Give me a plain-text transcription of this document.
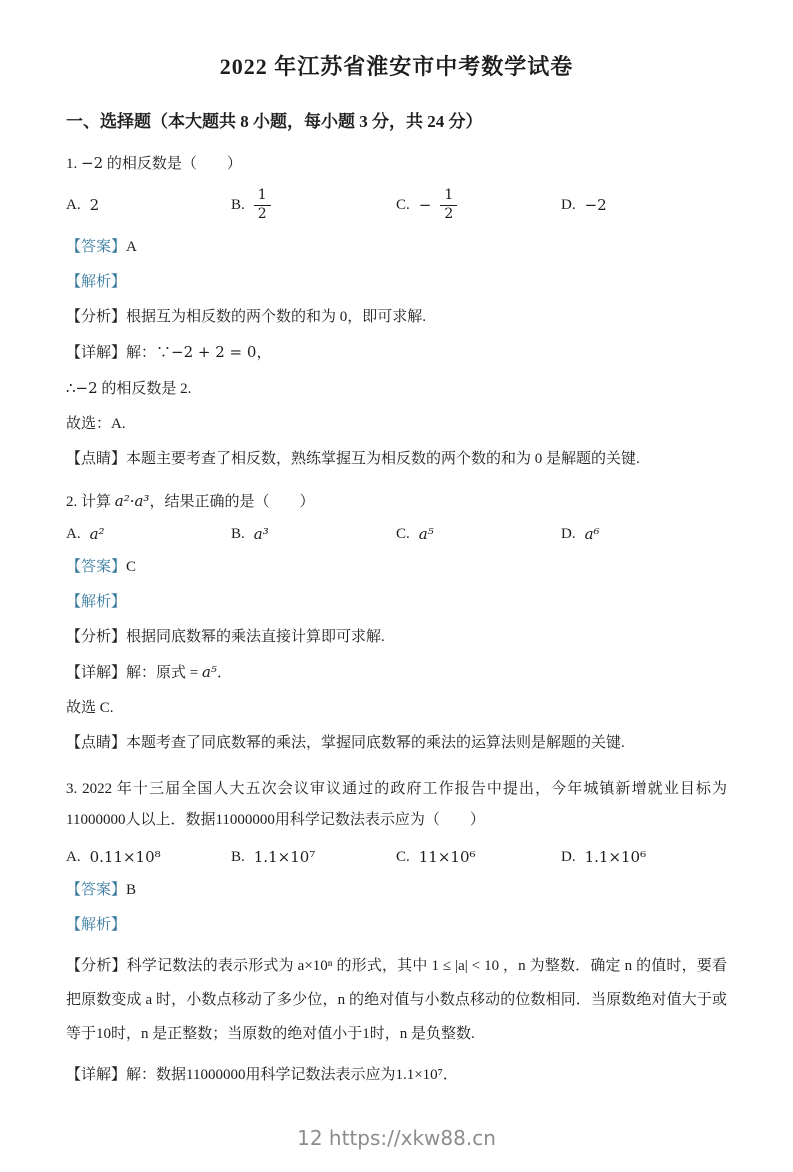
2022 年江苏省淮安市中考数学试卷
一、选择题（本大题共 8 小题，每小题 3 分，共 24 分）
1. −2 的相反数是（　　）
A. 2	B. $\frac{1}{2}$	C. − $\frac{1}{2}$	D. −2
【答案】A
【解析】
【分析】根据互为相反数的两个数的和为 0，即可求解.
【详解】解：∵−2 + 2 = 0，
∴−2 的相反数是 2.
故选：A.
【点睛】本题主要考查了相反数，熟练掌握互为相反数的两个数的和为 0 是解题的关键.
2. 计算 a²·a³，结果正确的是（　　）
A. a²	B. a³	C. a⁵	D. a⁶
【答案】C
【解析】
【分析】根据同底数幂的乘法直接计算即可求解.
【详解】解：原式 = a⁵．
故选 C.
【点睛】本题考查了同底数幂的乘法，掌握同底数幂的乘法的运算法则是解题的关键.
3. 2022 年十三届全国人大五次会议审议通过的政府工作报告中提出，今年城镇新增就业目标为11000000人以上．数据11000000用科学记数法表示应为（　　）
A. 0.11×10⁸	B. 1.1×10⁷	C. 11×10⁶	D. 1.1×10⁶
【答案】B
【解析】
【分析】科学记数法的表示形式为 a×10ⁿ 的形式，其中 1 ≤ |a| < 10 ，n 为整数．确定 n 的值时，要看把原数变成 a 时，小数点移动了多少位，n 的绝对值与小数点移动的位数相同．当原数绝对值大于或等于10时，n 是正整数；当原数的绝对值小于1时，n 是负整数.
【详解】解：数据11000000用科学记数法表示应为1.1×10⁷．
12 https://xkw88.cn
